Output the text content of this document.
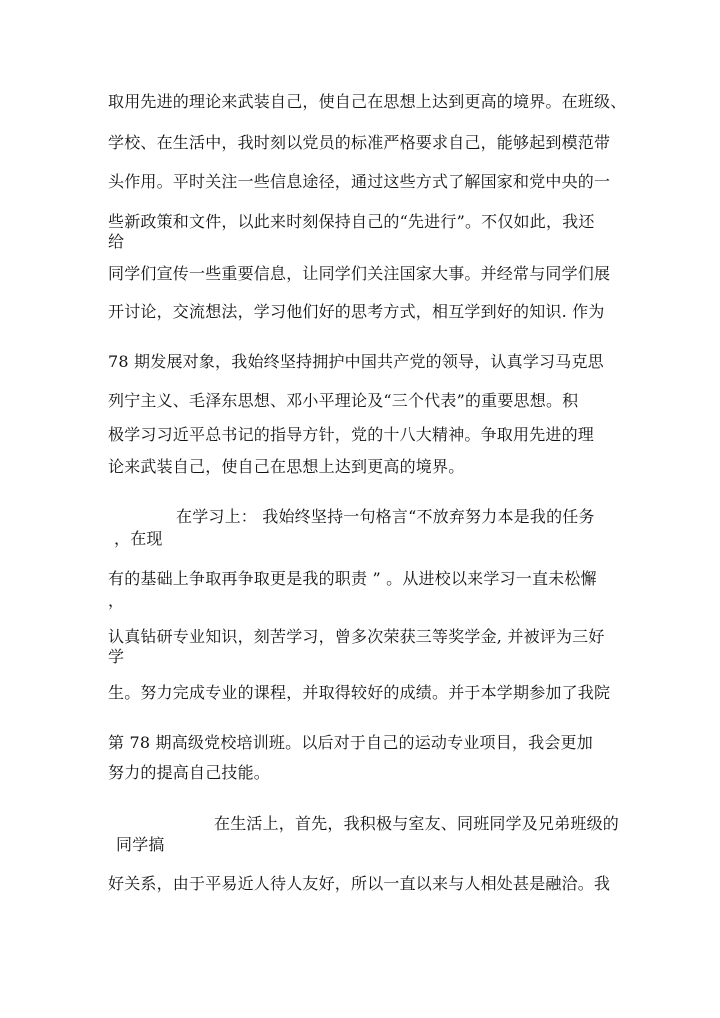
取用先进的理论来武装自己，使自己在思想上达到更高的境界。在班级、
学校、在生活中，我时刻以党员的标准严格要求自己，能够起到模范带
头作用。平时关注一些信息途径，通过这些方式了解国家和党中央的一
些新政策和文件，以此来时刻保持自己的“先进行”。不仅如此，我还
给
同学们宣传一些重要信息，让同学们关注国家大事。并经常与同学们展
开讨论，交流想法，学习他们好的思考方式，相互学到好的知识. 作为
78 期发展对象，我始终坚持拥护中国共产党的领导，认真学习马克思
列宁主义、毛泽东思想、邓小平理论及“三个代表”的重要思想。积
极学习习近平总书记的指导方针，党的十八大精神。争取用先进的理
论来武装自己，使自己在思想上达到更高的境界。
在学习上： 我始终坚持一句格言“不放弃努力本是我的任务
，在现
有的基础上争取再争取更是我的职责 ” 。从进校以来学习一直未松懈
，
认真钻研专业知识，刻苦学习，曾多次荣获三等奖学金, 并被评为三好
学
生。努力完成专业的课程，并取得较好的成绩。并于本学期参加了我院
第 78 期高级党校培训班。以后对于自己的运动专业项目，我会更加
努力的提高自己技能。
在生活上，首先，我积极与室友、同班同学及兄弟班级的
同学搞
好关系，由于平易近人待人友好，所以一直以来与人相处甚是融洽。我
